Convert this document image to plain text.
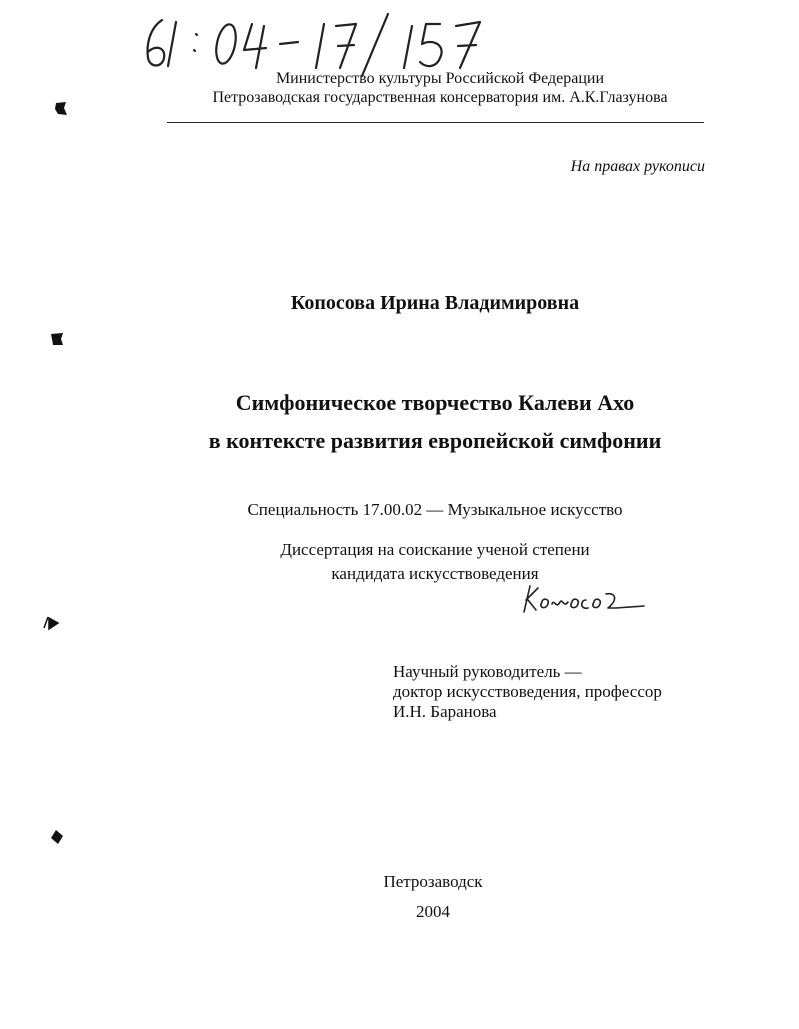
Министерство культуры Российской Федерации
Петрозаводская государственная консерватория им. А.К.Глазунова
На правах рукописи
Копосова Ирина Владимировна
Симфоническое творчество Калеви Ахо
в контексте развития европейской симфонии
Специальность 17.00.02 — Музыкальное искусство
Диссертация на соискание ученой степени
кандидата искусствоведения
Научный руководитель —
доктор искусствоведения, профессор
И.Н. Баранова
Петрозаводск
2004
